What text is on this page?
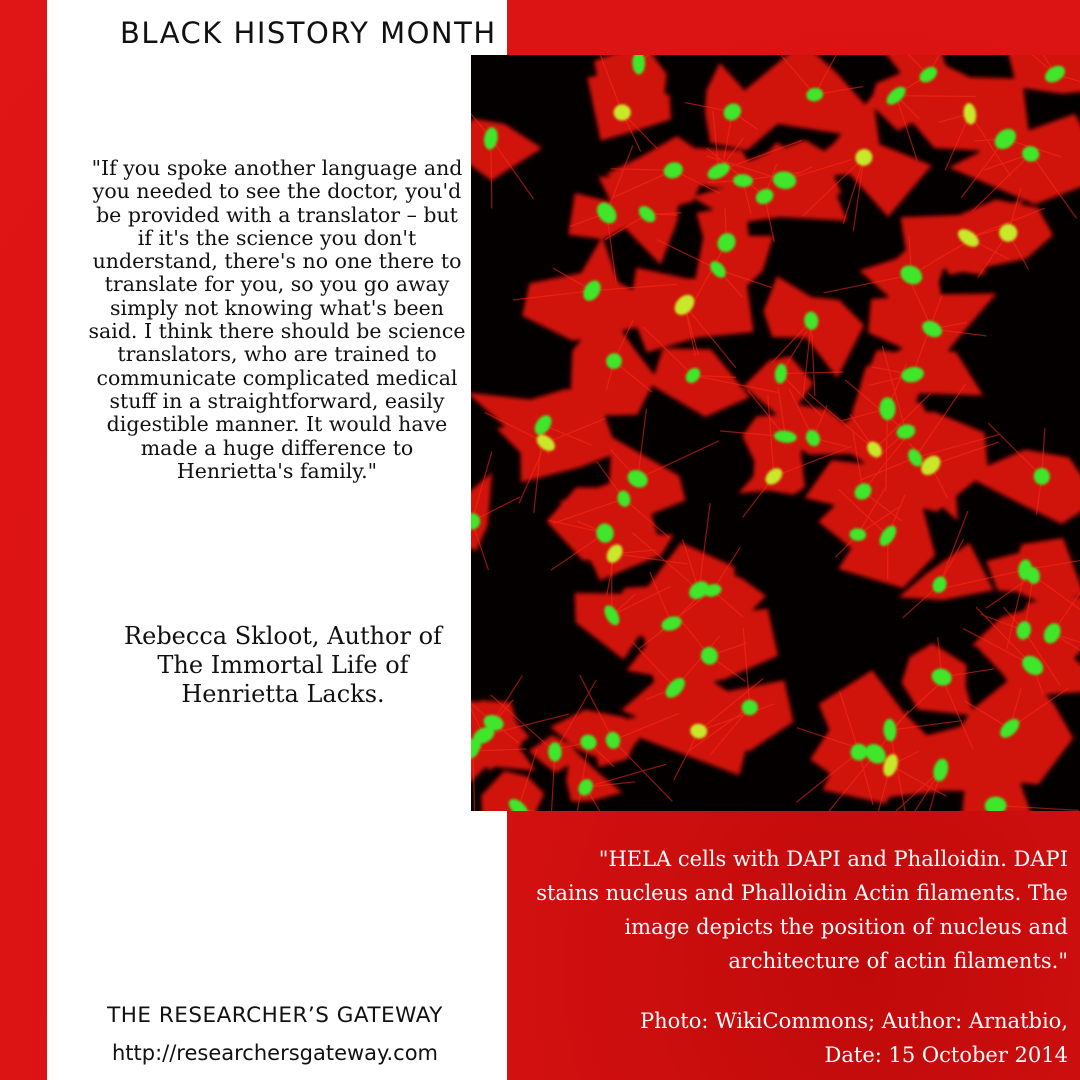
BLACK HISTORY MONTH
"If you spoke another language and you needed to see the doctor, you'd be provided with a translator – but if it's the science you don't understand, there's no one there to translate for you, so you go away simply not knowing what's been said. I think there should be science translators, who are trained to communicate complicated medical stuff in a straightforward, easily digestible manner. It would have made a huge difference to Henrietta's family."
Rebecca Skloot, Author of The Immortal Life of Henrietta Lacks.
THE RESEARCHER’S GATEWAY
http://researchersgateway.com
"HELA cells with DAPI and Phalloidin. DAPI stains nucleus and Phalloidin Actin filaments. The image depicts the position of nucleus and architecture of actin filaments."
Photo: WikiCommons; Author: Arnatbio,
Date: 15 October 2014
